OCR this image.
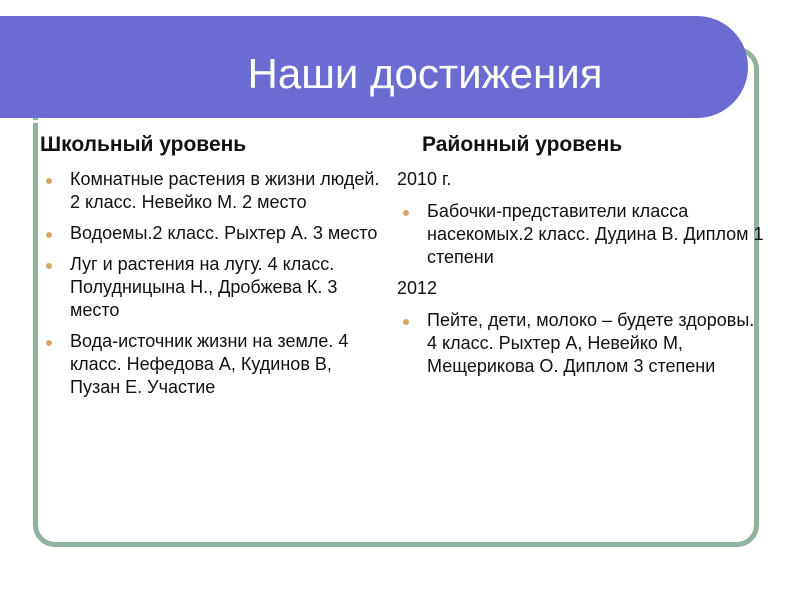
Наши достижения
Школьный уровень	Районный уровень
Комнатные растения в жизни людей. 2 класс. Невейко М. 2 место
Водоемы.2 класс. Рыхтер А. 3 место
Луг и растения на лугу. 4 класс. Полудницына Н., Дробжева К. 3 место
Вода-источник жизни на земле. 4 класс. Нефедова А, Кудинов В, Пузан Е. Участие
2010 г.
Бабочки-представители класса насекомых.2 класс. Дудина В. Диплом 1 степени
2012
Пейте, дети, молоко – будете здоровы. 4 класс. Рыхтер А, Невейко М, Мещерикова О. Диплом 3 степени
